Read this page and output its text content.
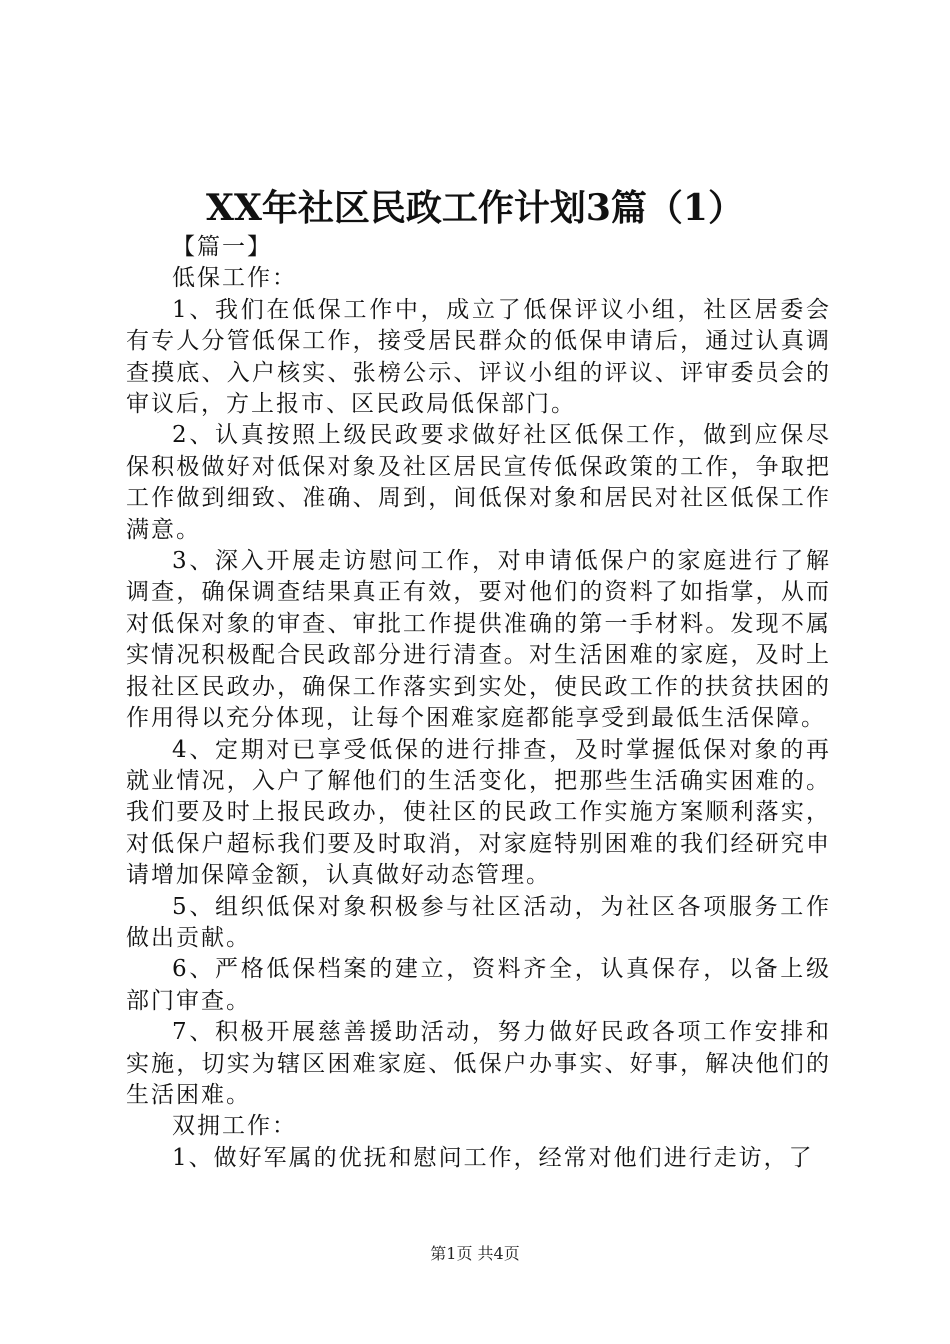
XX年社区民政工作计划3篇（1）

【篇一】

低保工作：

1、我们在低保工作中，成立了低保评议小组，社区居委会有专人分管低保工作，接受居民群众的低保申请后，通过认真调查摸底、入户核实、张榜公示、评议小组的评议、评审委员会的审议后，方上报市、区民政局低保部门。

2、认真按照上级民政要求做好社区低保工作，做到应保尽保积极做好对低保对象及社区居民宣传低保政策的工作，争取把工作做到细致、准确、周到，间低保对象和居民对社区低保工作满意。

3、深入开展走访慰问工作，对申请低保户的家庭进行了解调查，确保调查结果真正有效，要对他们的资料了如指掌，从而对低保对象的审查、审批工作提供准确的第一手材料。发现不属实情况积极配合民政部分进行清查。对生活困难的家庭，及时上报社区民政办，确保工作落实到实处，使民政工作的扶贫扶困的作用得以充分体现，让每个困难家庭都能享受到最低生活保障。

4、定期对已享受低保的进行排查，及时掌握低保对象的再就业情况，入户了解他们的生活变化，把那些生活确实困难的。我们要及时上报民政办，使社区的民政工作实施方案顺利落实，对低保户超标我们要及时取消，对家庭特别困难的我们经研究申请增加保障金额，认真做好动态管理。

5、组织低保对象积极参与社区活动，为社区各项服务工作做出贡献。

6、严格低保档案的建立，资料齐全，认真保存，以备上级部门审查。

7、积极开展慈善援助活动，努力做好民政各项工作安排和实施，切实为辖区困难家庭、低保户办事实、好事，解决他们的生活困难。

双拥工作：

1、做好军属的优抚和慰问工作，经常对他们进行走访，了

第1页 共4页
